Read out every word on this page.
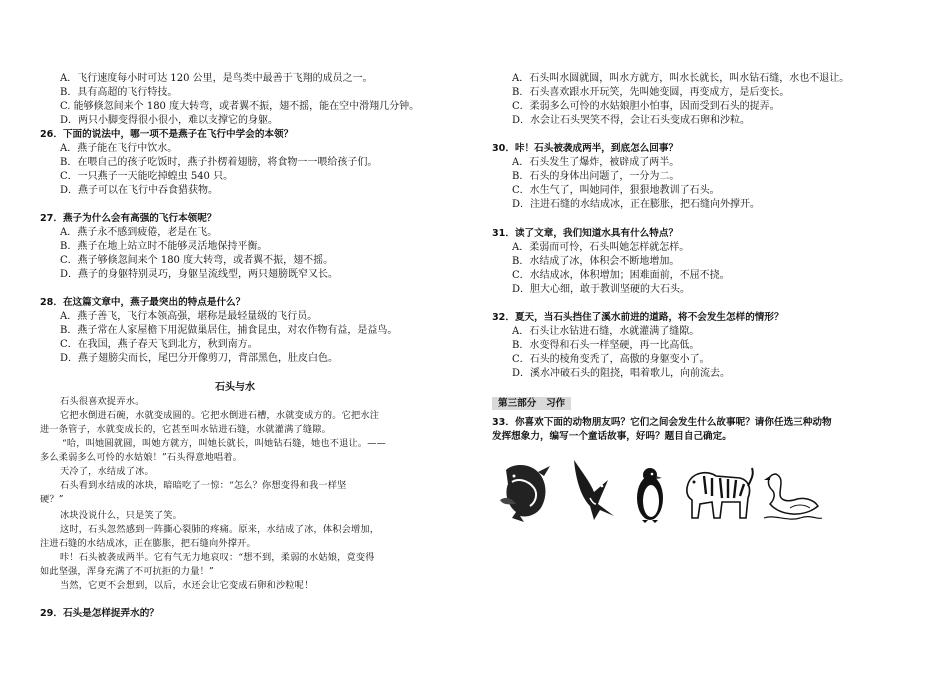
A．飞行速度每小时可达 120 公里，是鸟类中最善于飞翔的成员之一。
B．具有高超的飞行特技。
C. 能够倏忽间来个 180 度大转弯，或者翼不振，翅不摇，能在空中滑翔几分钟。
D．两只小脚变得很小很小，难以支撑它的身躯。
26．下面的说法中，哪一项不是燕子在飞行中学会的本领？
A．燕子能在飞行中饮水。
B．在喂自己的孩子吃饭时，燕子扑楞着翅膀，将食物一一喂给孩子们。
C．一只燕子一天能吃掉蝗虫 540 只。
D．燕子可以在飞行中吞食猎获物。
27．燕子为什么会有高强的飞行本领呢？
A．燕子永不感到疲倦，老是在飞。
B．燕子在地上站立时不能够灵活地保持平衡。
C．燕子够倏忽间来个 180 度大转弯，或者翼不振，翅不摇。
D．燕子的身躯特别灵巧，身躯呈流线型，两只翅膀既窄又长。
28．在这篇文章中，燕子最突出的特点是什么？
A．燕子善飞，飞行本领高强，堪称是最轻量级的飞行员。
B．燕子常在人家屋檐下用泥做巢居住，捕食昆虫，对农作物有益，是益鸟。
C．在我国，燕子春天飞到北方，秋到南方。
D．燕子翅膀尖而长，尾巴分开像剪刀，背部黑色，肚皮白色。
石头与水
石头很喜欢捉弄水。
它把水倒进石碗，水就变成圆的。它把水倒进石槽，水就变成方的。它把水注
进一条管子，水就变成长的，它甚至叫水钻进石缝，水就灌满了缝隙。
“哈，叫她圆就圆，叫她方就方，叫她长就长，叫她钻石缝，她也不退让。——
多么柔弱多么可怜的水姑娘！”石头得意地唱着。
天冷了，水结成了冰。
石头看到水结成的冰块，暗暗吃了一惊：“怎么？你想变得和我一样坚
硬？”
冰块没说什么，只是笑了笑。
这时，石头忽然感到一阵撕心裂肺的疼痛。原来，水结成了冰，体积会增加，
注进石缝的水结成冰，正在膨胀，把石缝向外撑开。
咔！石头被袭成两半。它有气无力地哀叹：“想不到，柔弱的水姑娘，竟变得
如此坚强，浑身充满了不可抗拒的力量！”
当然，它更不会想到，以后，水还会让它变成石卵和沙粒呢！
29．石头是怎样捉弄水的？
A．石头叫水圆就圆，叫水方就方，叫水长就长，叫水钻石缝，水也不退让。
B．石头喜欢跟水开玩笑，先叫她变圆，再变成方，是后变长。
C．柔弱多么可怜的水姑娘胆小怕事，因而受到石头的捉弄。
D．水会让石头哭笑不得，会让石头变成石卵和沙粒。
30．咔！石头被袭成两半，到底怎么回事？
A．石头发生了爆炸，被辟成了两半。
B．石头的身体出问题了，一分为二。
C．水生气了，叫她同伴，狠狠地教训了石头。
D．注进石缝的水结成冰，正在膨胀，把石缝向外撑开。
31．读了文章，我们知道水具有什么特点？
A．柔弱而可怜，石头叫她怎样就怎样。
B．水结成了冰，体积会不断地增加。
C．水结成冰，体积增加；困难面前，不屈不挠。
D．胆大心细，敢于教训坚硬的大石头。
32．夏天，当石头挡住了溪水前进的道路，将不会发生怎样的情形？
A．石头让水钻进石缝，水就灌满了缝隙。
B．水变得和石头一样坚硬，再一比高低。
C．石头的棱角变秃了，高傲的身躯变小了。
D．溪水冲破石头的阻挠，唱着歌儿，向前流去。
第三部分　习作
33．你喜欢下面的动物朋友吗？它们之间会发生什么故事呢？请你任选三种动物
发挥想象力，编写一个童话故事，好吗？题目自己确定。
